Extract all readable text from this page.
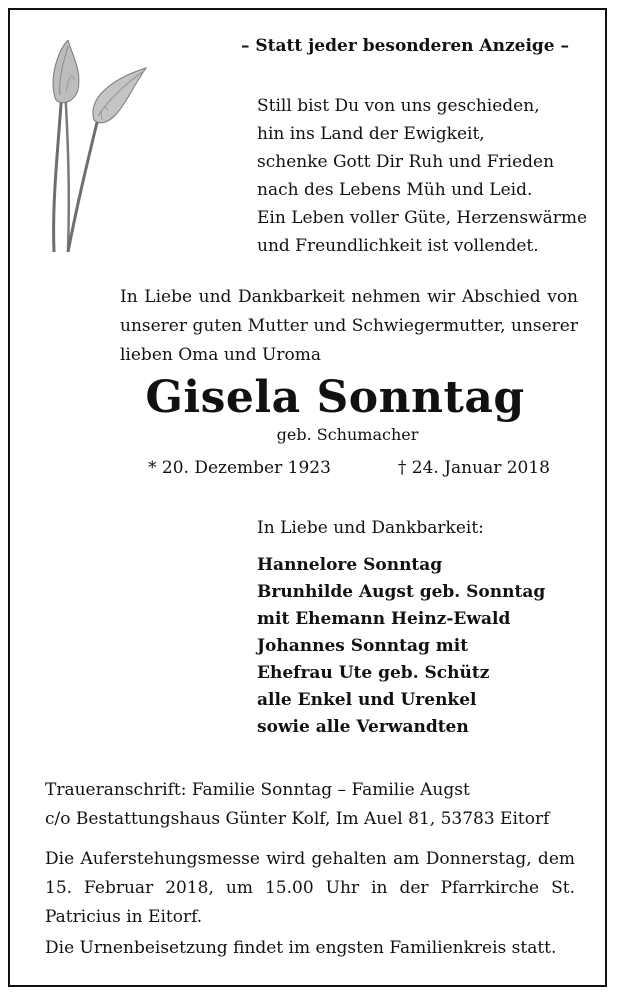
– Statt jeder besonderen Anzeige –

Still bist Du von uns geschieden,

hin ins Land der Ewigkeit,

schenke Gott Dir Ruh und Frieden

nach des Lebens Müh und Leid.

Ein Leben voller Güte, Herzenswärme

und Freundlichkeit ist vollendet.

In Liebe und Dankbarkeit nehmen wir Abschied von unserer guten Mutter und Schwiegermutter, unserer lieben Oma und Uroma

Gisela Sonntag

geb. Schumacher

* 20. Dezember 1923	† 24. Januar 2018

In Liebe und Dankbarkeit:

Hannelore Sonntag
Brunhilde Augst geb. Sonntag
mit Ehemann Heinz-Ewald
Johannes Sonntag mit
Ehefrau Ute geb. Schütz
alle Enkel und Urenkel
sowie alle Verwandten

Traueranschrift: Familie Sonntag – Familie Augst

c/o Bestattungshaus Günter Kolf, Im Auel 81, 53783 Eitorf

Die Auferstehungsmesse wird gehalten am Donnerstag, dem 15. Februar 2018, um 15.00 Uhr in der Pfarrkirche St. Patricius in Eitorf.

Die Urnenbeisetzung findet im engsten Familienkreis statt.
